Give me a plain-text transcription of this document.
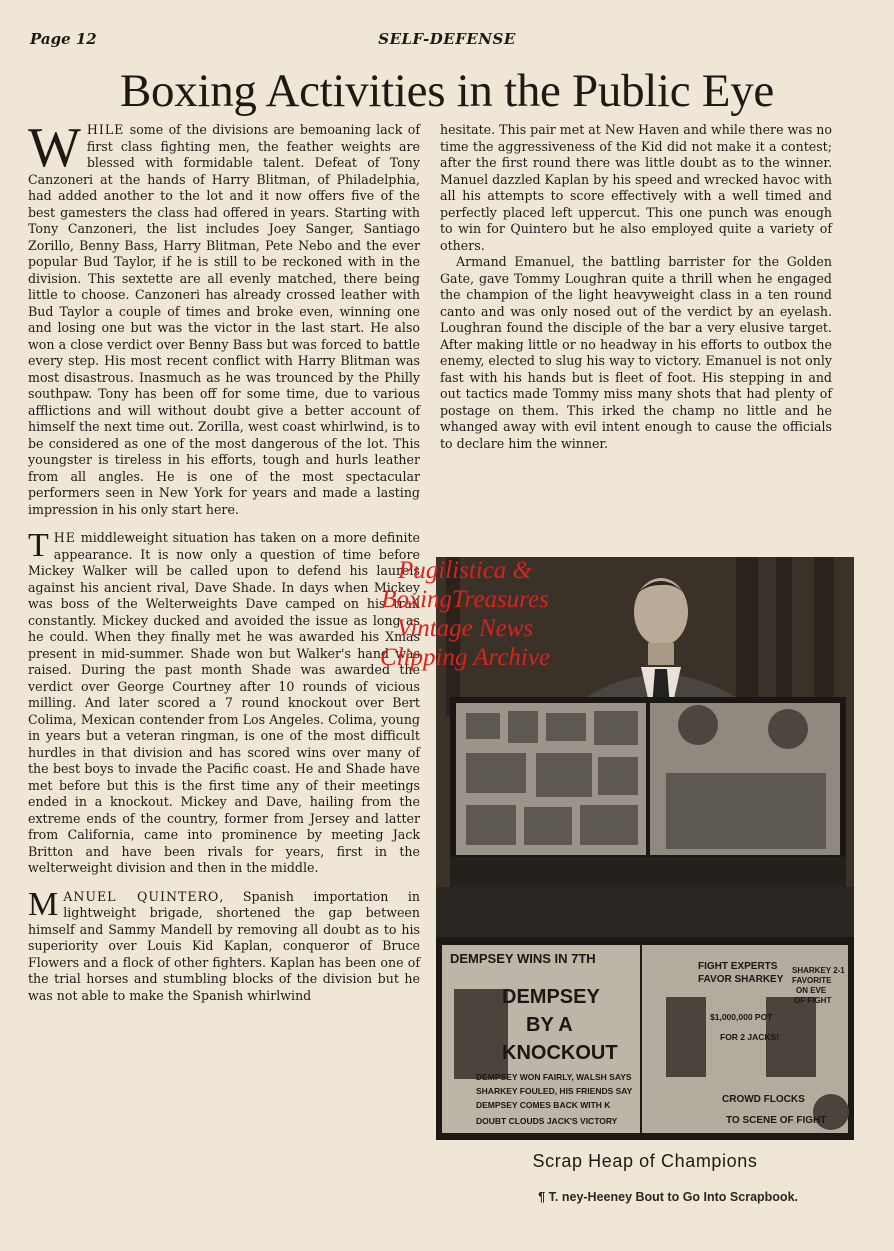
Page 12	SELF-DEFENSE
Boxing Activities in the Public Eye

WHILE some of the divisions are bemoaning lack of first class fighting men, the feather weights are blessed with formidable talent. Defeat of Tony Canzoneri at the hands of Harry Blitman, of Philadelphia, had added another to the lot and it now offers five of the best gamesters the class had offered in years. Starting with Tony Canzoneri, the list includes Joey Sanger, Santiago Zorillo, Benny Bass, Harry Blitman, Pete Nebo and the ever popular Bud Taylor, if he is still to be reckoned with in the division. This sextette are all evenly matched, there being little to choose. Canzoneri has already crossed leather with Bud Taylor a couple of times and broke even, winning one and losing one but was the victor in the last start. He also won a close verdict over Benny Bass but was forced to battle every step. His most recent conflict with Harry Blitman was most disastrous. Inasmuch as he was trounced by the Philly southpaw. Tony has been off for some time, due to various afflictions and will without doubt give a better account of himself the next time out. Zorilla, west coast whirlwind, is to be considered as one of the most dangerous of the lot. This youngster is tireless in his efforts, tough and hurls leather from all angles. He is one of the most spectacular performers seen in New York for years and made a lasting impression in his only start here.

THE middleweight situation has taken on a more definite appearance. It is now only a question of time before Mickey Walker will be called upon to defend his laurels against his ancient rival, Dave Shade. In days when Mickey was boss of the Welterweights Dave camped on his trail constantly. Mickey ducked and avoided the issue as long as he could. When they finally met he was awarded his Xmas present in mid-summer. Shade won but Walker's hand was raised. During the past month Shade was awarded the verdict over George Courtney after 10 rounds of vicious milling. And later scored a 7 round knockout over Bert Colima, Mexican contender from Los Angeles. Colima, young in years but a veteran ringman, is one of the most difficult hurdles in that division and has scored wins over many of the best boys to invade the Pacific coast. He and Shade have met before but this is the first time any of their meetings ended in a knockout. Mickey and Dave, hailing from the extreme ends of the country, former from Jersey and latter from California, came into prominence by meeting Jack Britton and have been rivals for years, first in the welterweight division and then in the middle.

MANUEL QUINTERO, Spanish importation in lightweight brigade, shortened the gap between himself and Sammy Mandell by removing all doubt as to his superiority over Louis Kid Kaplan, conqueror of Bruce Flowers and a flock of other fighters. Kaplan has been one of the trial horses and stumbling blocks of the division but he was not able to make the Spanish whirlwind

hesitate. This pair met at New Haven and while there was no time the aggressiveness of the Kid did not make it a contest; after the first round there was little doubt as to the winner. Manuel dazzled Kaplan by his speed and wrecked havoc with all his attempts to score effectively with a well timed and perfectly placed left uppercut. This one punch was enough to win for Quintero but he also employed quite a variety of others.

Armand Emanuel, the battling barrister for the Golden Gate, gave Tommy Loughran quite a thrill when he engaged the champion of the light heavyweight class in a ten round canto and was only nosed out of the verdict by an eyelash. Loughran found the disciple of the bar a very elusive target. After making little or no headway in his efforts to outbox the enemy, elected to slug his way to victory. Emanuel is not only fast with his hands but is fleet of foot. His stepping in and out tactics made Tommy miss many shots that had plenty of postage on them. This irked the champ no little and he whanged away with evil intent enough to cause the officials to declare him the winner.

DEMPSEY WINS IN 7TH
DEMPSEY
BY A
KNOCKOUT
DEMPSEY WON FAIRLY, WALSH SAYS
SHARKEY FOULED, HIS FRIENDS SAY
DEMPSEY COMES BACK WITH K
DOUBT CLOUDS JACK'S VICTORY
FIGHT EXPERTS
FAVOR SHARKEY
SHARKEY 2-1
FAVORITE
ON EVE
OF FIGHT
$1,000,000 POT
FOR 2 JACKS!
CROWD FLOCKS
TO SCENE OF FIGHT
Pugilistica &
BoxingTreasures
Vintage News
Clipping Archive
Scrap Heap of Champions
¶ T. ney-Heeney Bout to Go Into Scrapbook.
